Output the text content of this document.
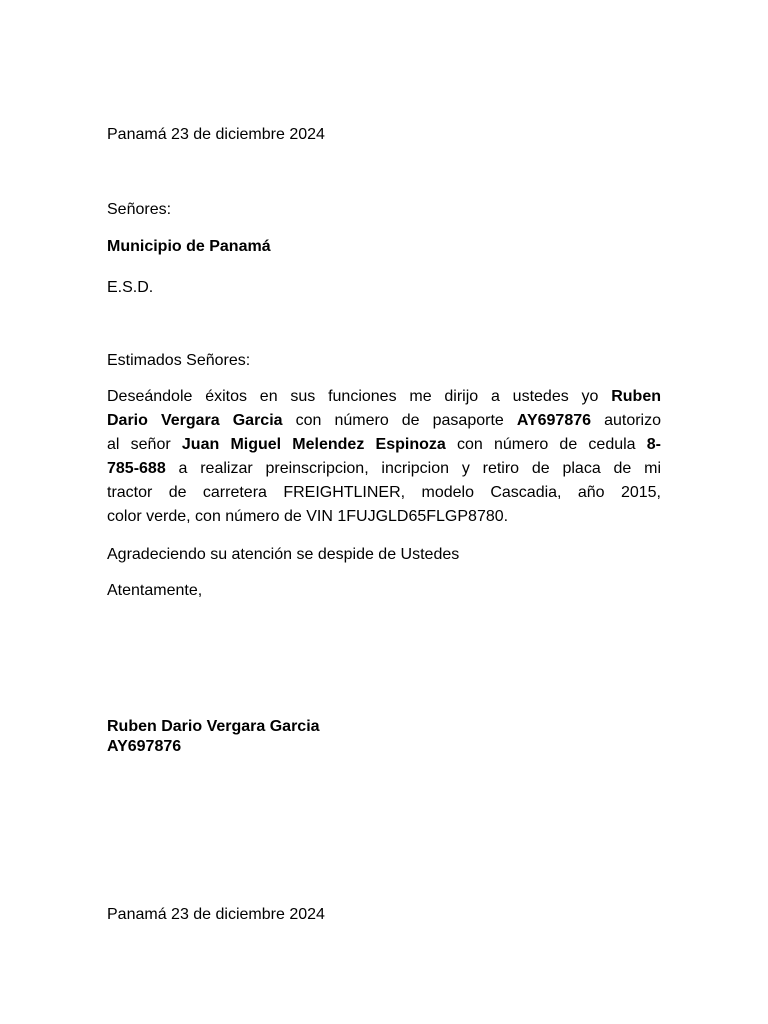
Panamá 23 de diciembre 2024

Señores:

Municipio de Panamá

E.S.D.

Estimados Señores:

Deseándole éxitos en sus funciones me dirijo a ustedes yo Ruben
Dario Vergara Garcia con número de pasaporte AY697876 autorizo
al señor Juan Miguel Melendez Espinoza con número de cedula 8-
785-688 a realizar preinscripcion, incripcion y retiro de placa de mi
tractor de carretera FREIGHTLINER, modelo Cascadia, año 2015,
color verde, con número de VIN 1FUJGLD65FLGP8780.

Agradeciendo su atención se despide de Ustedes

Atentamente,

Ruben Dario Vergara Garcia
AY697876

Panamá 23 de diciembre 2024
